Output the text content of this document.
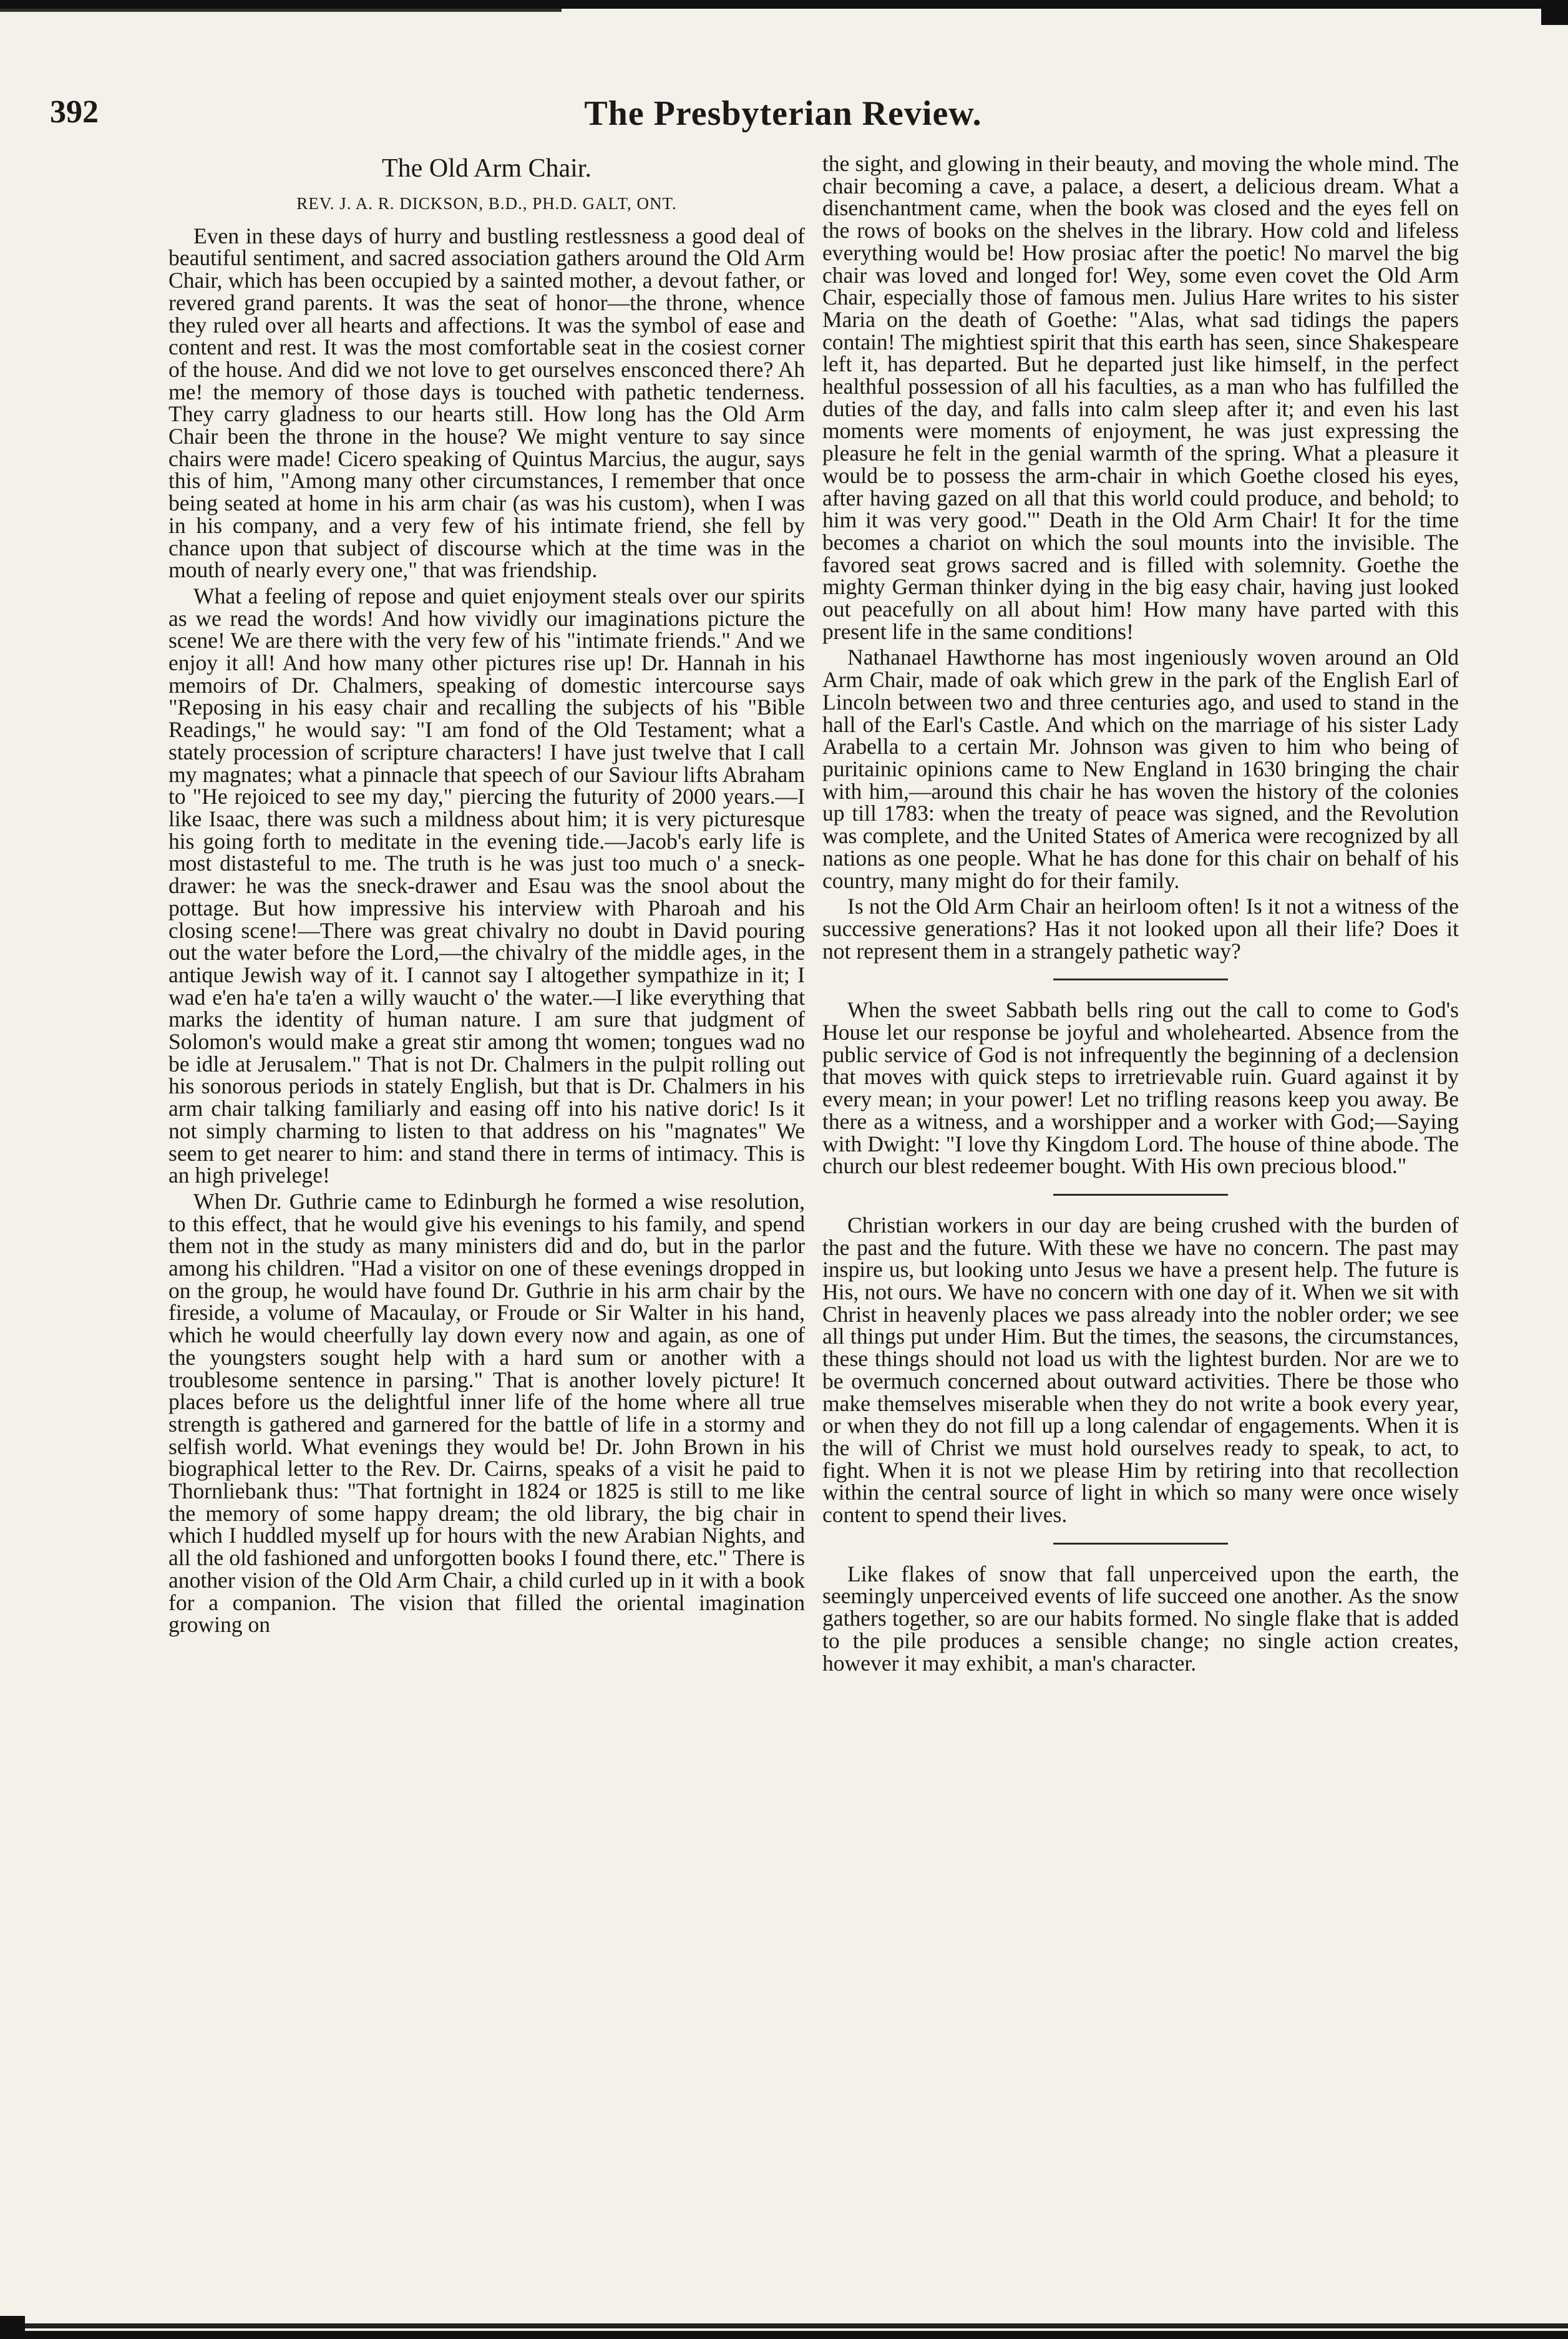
392	The Presbyterian Review.
The Old Arm Chair.
REV. J. A. R. DICKSON, B.D., PH.D. GALT, ONT.

Even in these days of hurry and bustling restlessness a good deal of beautiful sentiment, and sacred association gathers around the Old Arm Chair, which has been occupied by a sainted mother, a devout father, or revered grand parents. It was the seat of honor—the throne, whence they ruled over all hearts and affections. It was the symbol of ease and content and rest. It was the most comfortable seat in the cosiest corner of the house. And did we not love to get ourselves ensconced there? Ah me! the memory of those days is touched with pathetic tenderness. They carry gladness to our hearts still. How long has the Old Arm Chair been the throne in the house? We might venture to say since chairs were made! Cicero speaking of Quintus Marcius, the augur, says this of him, "Among many other circumstances, I remember that once being seated at home in his arm chair (as was his custom), when I was in his company, and a very few of his intimate friend, she fell by chance upon that subject of discourse which at the time was in the mouth of nearly every one," that was friendship.

What a feeling of repose and quiet enjoyment steals over our spirits as we read the words! And how vividly our imaginations picture the scene! We are there with the very few of his "intimate friends." And we enjoy it all! And how many other pictures rise up! Dr. Hannah in his memoirs of Dr. Chalmers, speaking of domestic intercourse says "Reposing in his easy chair and recalling the subjects of his "Bible Readings," he would say: "I am fond of the Old Testament; what a stately procession of scripture characters! I have just twelve that I call my magnates; what a pinnacle that speech of our Saviour lifts Abraham to "He rejoiced to see my day," piercing the futurity of 2000 years.—I like Isaac, there was such a mildness about him; it is very picturesque his going forth to meditate in the evening tide.—Jacob's early life is most distasteful to me. The truth is he was just too much o' a sneck-drawer: he was the sneck-drawer and Esau was the snool about the pottage. But how impressive his interview with Pharoah and his closing scene!—There was great chivalry no doubt in David pouring out the water before the Lord,—the chivalry of the middle ages, in the antique Jewish way of it. I cannot say I altogether sympathize in it; I wad e'en ha'e ta'en a willy waucht o' the water.—I like everything that marks the identity of human nature. I am sure that judgment of Solomon's would make a great stir among tht women; tongues wad no be idle at Jerusalem." That is not Dr. Chalmers in the pulpit rolling out his sonorous periods in stately English, but that is Dr. Chalmers in his arm chair talking familiarly and easing off into his native doric! Is it not simply charming to listen to that address on his "magnates" We seem to get nearer to him: and stand there in terms of intimacy. This is an high privelege!

When Dr. Guthrie came to Edinburgh he formed a wise resolution, to this effect, that he would give his evenings to his family, and spend them not in the study as many ministers did and do, but in the parlor among his children. "Had a visitor on one of these evenings dropped in on the group, he would have found Dr. Guthrie in his arm chair by the fireside, a volume of Macaulay, or Froude or Sir Walter in his hand, which he would cheerfully lay down every now and again, as one of the youngsters sought help with a hard sum or another with a troublesome sentence in parsing." That is another lovely picture! It places before us the delightful inner life of the home where all true strength is gathered and garnered for the battle of life in a stormy and selfish world. What evenings they would be! Dr. John Brown in his biographical letter to the Rev. Dr. Cairns, speaks of a visit he paid to Thornliebank thus: "That fortnight in 1824 or 1825 is still to me like the memory of some happy dream; the old library, the big chair in which I huddled myself up for hours with the new Arabian Nights, and all the old fashioned and unforgotten books I found there, etc." There is another vision of the Old Arm Chair, a child curled up in it with a book for a companion. The vision that filled the oriental imagination growing on

the sight, and glowing in their beauty, and moving the whole mind. The chair becoming a cave, a palace, a desert, a delicious dream. What a disenchantment came, when the book was closed and the eyes fell on the rows of books on the shelves in the library. How cold and lifeless everything would be! How prosiac after the poetic! No marvel the big chair was loved and longed for! Wey, some even covet the Old Arm Chair, especially those of famous men. Julius Hare writes to his sister Maria on the death of Goethe: "Alas, what sad tidings the papers contain! The mightiest spirit that this earth has seen, since Shakespeare left it, has departed. But he departed just like himself, in the perfect healthful possession of all his faculties, as a man who has fulfilled the duties of the day, and falls into calm sleep after it; and even his last moments were moments of enjoyment, he was just expressing the pleasure he felt in the genial warmth of the spring. What a pleasure it would be to possess the arm-chair in which Goethe closed his eyes, after having gazed on all that this world could produce, and behold; to him it was very good.'" Death in the Old Arm Chair! It for the time becomes a chariot on which the soul mounts into the invisible. The favored seat grows sacred and is filled with solemnity. Goethe the mighty German thinker dying in the big easy chair, having just looked out peacefully on all about him! How many have parted with this present life in the same conditions!

Nathanael Hawthorne has most ingeniously woven around an Old Arm Chair, made of oak which grew in the park of the English Earl of Lincoln between two and three centuries ago, and used to stand in the hall of the Earl's Castle. And which on the marriage of his sister Lady Arabella to a certain Mr. Johnson was given to him who being of puritainic opinions came to New England in 1630 bringing the chair with him,—around this chair he has woven the history of the colonies up till 1783: when the treaty of peace was signed, and the Revolution was complete, and the United States of America were recognized by all nations as one people. What he has done for this chair on behalf of his country, many might do for their family.

Is not the Old Arm Chair an heirloom often! Is it not a witness of the successive generations? Has it not looked upon all their life? Does it not represent them in a strangely pathetic way?

When the sweet Sabbath bells ring out the call to come to God's House let our response be joyful and wholehearted. Absence from the public service of God is not infrequently the beginning of a declension that moves with quick steps to irretrievable ruin. Guard against it by every mean; in your power! Let no trifling reasons keep you away. Be there as a witness, and a worshipper and a worker with God;—Saying with Dwight: "I love thy Kingdom Lord. The house of thine abode. The church our blest redeemer bought. With His own precious blood."

Christian workers in our day are being crushed with the burden of the past and the future. With these we have no concern. The past may inspire us, but looking unto Jesus we have a present help. The future is His, not ours. We have no concern with one day of it. When we sit with Christ in heavenly places we pass already into the nobler order; we see all things put under Him. But the times, the seasons, the circumstances, these things should not load us with the lightest burden. Nor are we to be overmuch concerned about outward activities. There be those who make themselves miserable when they do not write a book every year, or when they do not fill up a long calendar of engagements. When it is the will of Christ we must hold ourselves ready to speak, to act, to fight. When it is not we please Him by retiring into that recollection within the central source of light in which so many were once wisely content to spend their lives.

Like flakes of snow that fall unperceived upon the earth, the seemingly unperceived events of life succeed one another. As the snow gathers together, so are our habits formed. No single flake that is added to the pile produces a sensible change; no single action creates, however it may exhibit, a man's character.
